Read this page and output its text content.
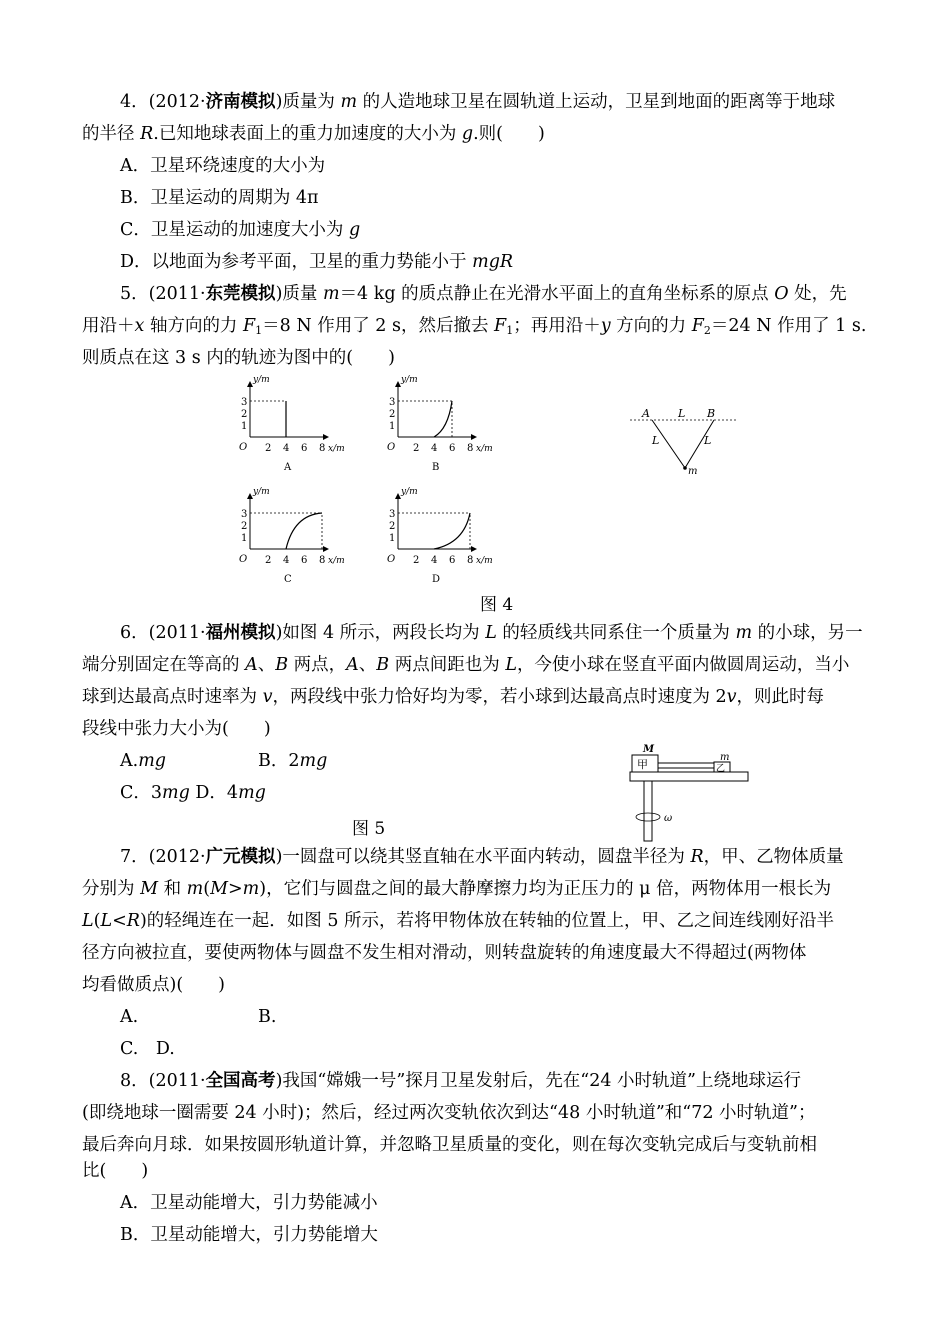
4．(2012·济南模拟)质量为 m 的人造地球卫星在圆轨道上运动，卫星到地面的距离等于地球
的半径 R.已知地球表面上的重力加速度的大小为 g.则(　　)
A．卫星环绕速度的大小为
B．卫星运动的周期为 4π
C．卫星运动的加速度大小为 g
D．以地面为参考平面，卫星的重力势能小于 mgR
5．(2011·东莞模拟)质量 m＝4 kg 的质点静止在光滑水平面上的直角坐标系的原点 O 处，先
用沿＋x 轴方向的力 $F_1=8$ N 作用了 2 s，然后撤去 $F_1$；再用沿＋y 方向的力 $F_2=24$ N 作用了 1 s.
则质点在这 3 s 内的轨迹为图中的(　　)
y/m
x/m
O
1
2
3
2 4 6 8
A
y/m
x/m
O
1
2
3
2 4 6 8
B
y/m
x/m
O
1
2
3
2 4 6 8
C
y/m
x/m
O
1
2
3
2 4 6 8
D
A	L B
L	L
m
图 4
6．(2011·福州模拟)如图 4 所示，两段长均为 L 的轻质线共同系住一个质量为 m 的小球，另一
端分别固定在等高的 A、B 两点，A、B 两点间距也为 L，今使小球在竖直平面内做圆周运动，当小
球到达最高点时速率为 v，两段线中张力恰好均为零，若小球到达最高点时速度为 2v，则此时每
段线中张力大小为(　　)
A.mg	B．2mg
C．3mg D．4mg
甲
M
乙
m
ω
图 5
7．(2012·广元模拟)一圆盘可以绕其竖直轴在水平面内转动，圆盘半径为 R，甲、乙物体质量
分别为 M 和 m(M>m)，它们与圆盘之间的最大静摩擦力均为正压力的 μ 倍，两物体用一根长为
L(L<R)的轻绳连在一起．如图 5 所示，若将甲物体放在转轴的位置上，甲、乙之间连线刚好沿半
径方向被拉直，要使两物体与圆盘不发生相对滑动，则转盘旋转的角速度最大不得超过(两物体
均看做质点)(　　)
A.	B.
C.　D.
8．(2011·全国高考)我国“嫦娥一号”探月卫星发射后，先在“24 小时轨道”上绕地球运行
(即绕地球一圈需要 24 小时)；然后，经过两次变轨依次到达“48 小时轨道”和“72 小时轨道”；
最后奔向月球．如果按圆形轨道计算，并忽略卫星质量的变化，则在每次变轨完成后与变轨前相
比(　　)
A．卫星动能增大，引力势能减小
B．卫星动能增大，引力势能增大
